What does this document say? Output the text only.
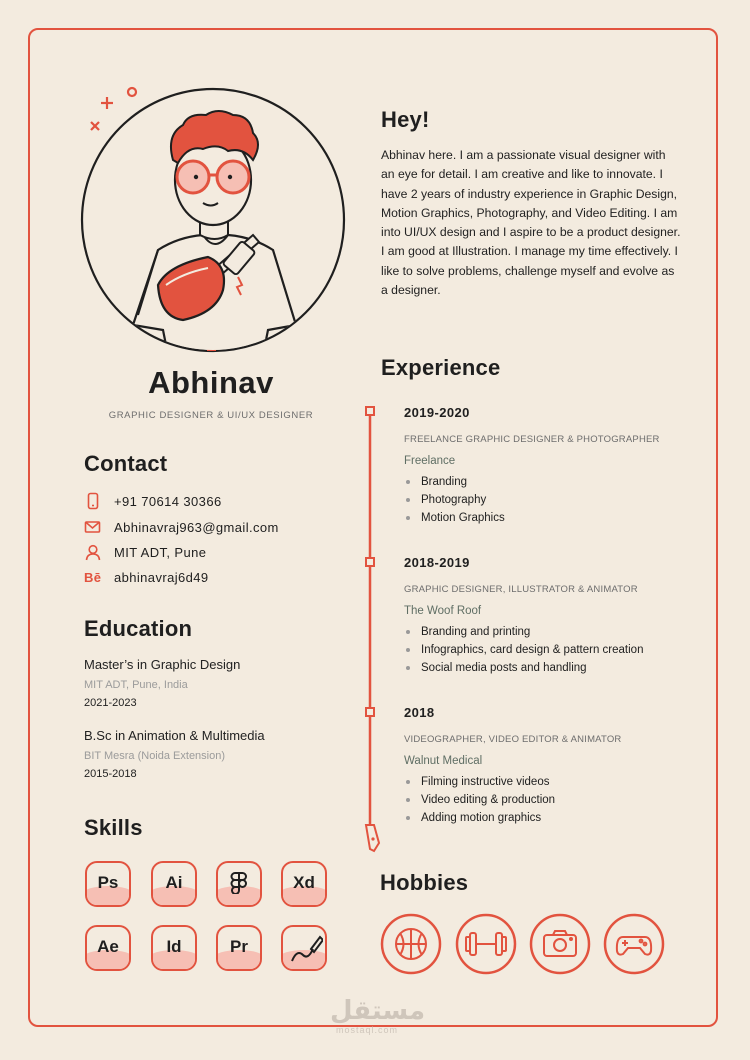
Abhinav
GRAPHIC DESIGNER & UI/UX DESIGNER
Contact
+91 70614 30366
Abhinavraj963@gmail.com
MIT ADT, Pune
Bē abhinavraj6d49
Education
Master’s in Graphic Design
MIT ADT, Pune, India
2021-2023
B.Sc in Animation & Multimedia
BIT Mesra (Noida Extension)
2015-2018
Skills
Ps	Ai	Xd
Ae	Id	Pr
Hey!
Abhinav here. I am a passionate visual designer with an eye for detail. I am creative and like to innovate. I have 2 years of industry experience in Graphic Design, Motion Graphics, Photography, and Video Editing. I am into UI/UX design and I aspire to be a product designer. I am good at Illustration. I manage my time effectively. I like to solve problems, challenge myself and evolve as a designer.
Experience
2019-2020
FREELANCE GRAPHIC DESIGNER & PHOTOGRAPHER
Freelance
Branding
Photography
Motion Graphics
2018-2019
GRAPHIC DESIGNER, ILLUSTRATOR & ANIMATOR
The Woof Roof
Branding and printing
Infographics, card design & pattern creation
Social media posts and handling
2018
VIDEOGRAPHER, VIDEO EDITOR & ANIMATOR
Walnut Medical
Filming instructive videos
Video editing & production
Adding motion graphics
Hobbies
مستقل
mostaql.com
